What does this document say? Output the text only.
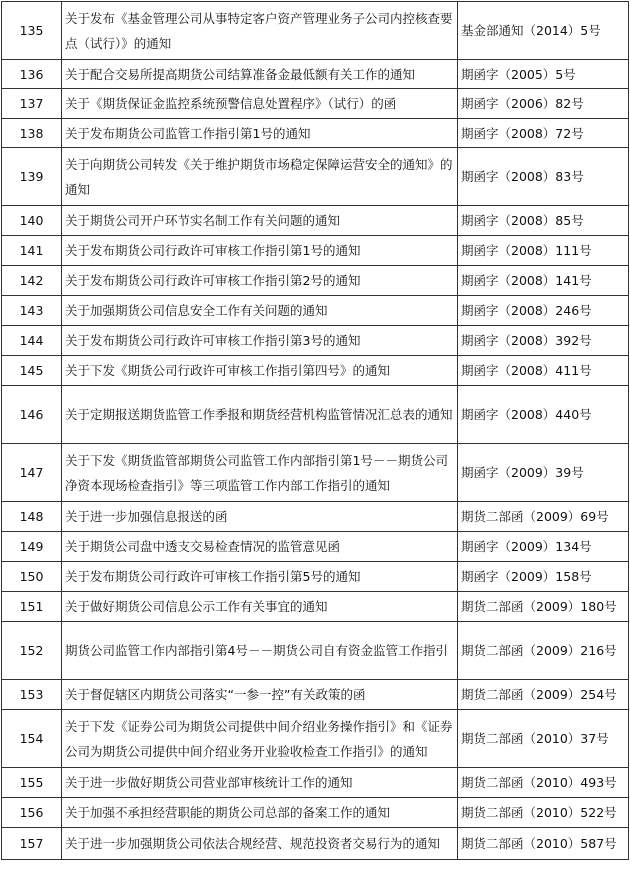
135	关于发布《基金管理公司从事特定客户资产管理业务子公司内控核查要点（试行）》的通知	基金部通知（2014）5号
136	关于配合交易所提高期货公司结算准备金最低额有关工作的通知	期函字（2005）5号
137	关于《期货保证金监控系统预警信息处置程序》（试行）的函	期函字（2006）82号
138	关于发布期货公司监管工作指引第1号的通知	期函字（2008）72号
139	关于向期货公司转发《关于维护期货市场稳定保障运营安全的通知》的通知	期函字（2008）83号
140	关于期货公司开户环节实名制工作有关问题的通知	期函字（2008）85号
141	关于发布期货公司行政许可审核工作指引第1号的通知	期函字（2008）111号
142	关于发布期货公司行政许可审核工作指引第2号的通知	期函字（2008）141号
143	关于加强期货公司信息安全工作有关问题的通知	期函字（2008）246号
144	关于发布期货公司行政许可审核工作指引第3号的通知	期函字（2008）392号
145	关于下发《期货公司行政许可审核工作指引第四号》的通知	期函字（2008）411号
146	关于定期报送期货监管工作季报和期货经营机构监管情况汇总表的通知	期函字（2008）440号
147	关于下发《期货监管部期货公司监管工作内部指引第1号－－期货公司净资本现场检查指引》等三项监管工作内部工作指引的通知	期函字（2009）39号
148	关于进一步加强信息报送的函	期货二部函（2009）69号
149	关于期货公司盘中透支交易检查情况的监管意见函	期函字（2009）134号
150	关于发布期货公司行政许可审核工作指引第5号的通知	期函字（2009）158号
151	关于做好期货公司信息公示工作有关事宜的通知	期货二部函（2009）180号
152	期货公司监管工作内部指引第4号－－期货公司自有资金监管工作指引	期货二部函（2009）216号
153	关于督促辖区内期货公司落实“一参一控”有关政策的函	期货二部函（2009）254号
154	关于下发《证券公司为期货公司提供中间介绍业务操作指引》和《证券公司为期货公司提供中间介绍业务开业验收检查工作指引》的通知	期货二部函（2010）37号
155	关于进一步做好期货公司营业部审核统计工作的通知	期货二部函（2010）493号
156	关于加强不承担经营职能的期货公司总部的备案工作的通知	期货二部函（2010）522号
157	关于进一步加强期货公司依法合规经营、规范投资者交易行为的通知	期货二部函（2010）587号
